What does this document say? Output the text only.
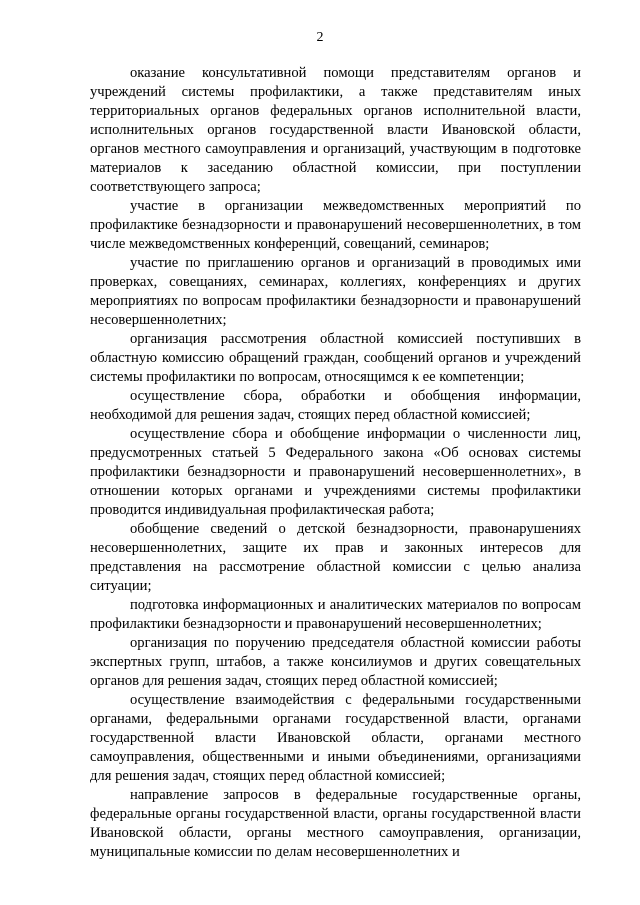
2

оказание консультативной помощи представителям органов и учреждений системы профилактики, а также представителям иных территориальных органов федеральных органов исполнительной власти, исполнительных органов государственной власти Ивановской области, органов местного самоуправления и организаций, участвующим в подготовке материалов к заседанию областной комиссии, при поступлении соответствующего запроса;

участие в организации межведомственных мероприятий по профилактике безнадзорности и правонарушений несовершеннолетних, в том числе межведомственных конференций, совещаний, семинаров;

участие по приглашению органов и организаций в проводимых ими проверках, совещаниях, семинарах, коллегиях, конференциях и других мероприятиях по вопросам профилактики безнадзорности и правонарушений несовершеннолетних;

организация рассмотрения областной комиссией поступивших в областную комиссию обращений граждан, сообщений органов и учреждений системы профилактики по вопросам, относящимся к ее компетенции;

осуществление сбора, обработки и обобщения информации, необходимой для решения задач, стоящих перед областной комиссией;

осуществление сбора и обобщение информации о численности лиц, предусмотренных статьей 5 Федерального закона «Об основах системы профилактики безнадзорности и правонарушений несовершеннолетних», в отношении которых органами и учреждениями системы профилактики проводится индивидуальная профилактическая работа;

обобщение сведений о детской безнадзорности, правонарушениях несовершеннолетних, защите их прав и законных интересов для представления на рассмотрение областной комиссии с целью анализа ситуации;

подготовка информационных и аналитических материалов по вопросам профилактики безнадзорности и правонарушений несовершеннолетних;

организация по поручению председателя областной комиссии работы экспертных групп, штабов, а также консилиумов и других совещательных органов для решения задач, стоящих перед областной комиссией;

осуществление взаимодействия с федеральными государственными органами, федеральными органами государственной власти, органами государственной власти Ивановской области, органами местного самоуправления, общественными и иными объединениями, организациями для решения задач, стоящих перед областной комиссией;

направление запросов в федеральные государственные органы, федеральные органы государственной власти, органы государственной власти Ивановской области, органы местного самоуправления, организации, муниципальные комиссии по делам несовершеннолетних и
